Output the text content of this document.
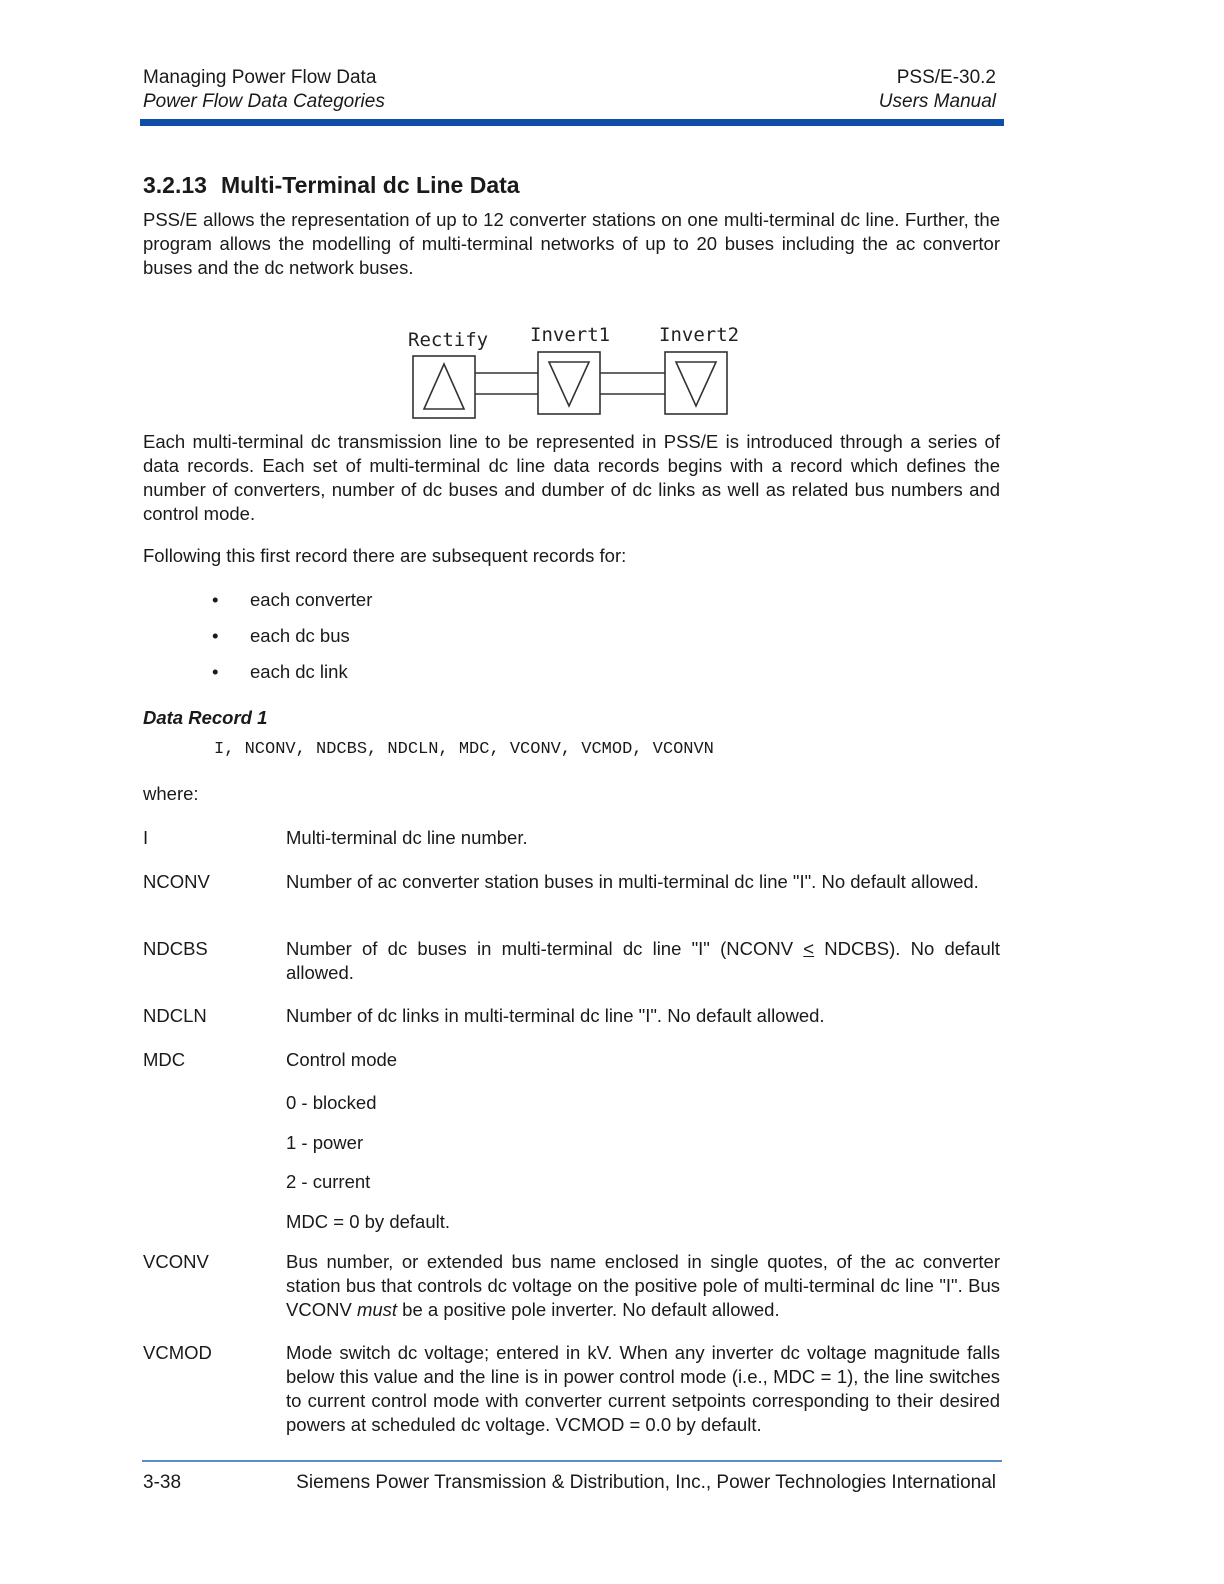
Managing Power Flow Data
Power Flow Data Categories
PSS/E-30.2
Users Manual
3.2.13 Multi-Terminal dc Line Data
PSS/E allows the representation of up to 12 converter stations on one multi-terminal dc line. Further, the program allows the modelling of multi-terminal networks of up to 20 buses including the ac convertor buses and the dc network buses.
Rectify Invert1	Invert2
Each multi-terminal dc transmission line to be represented in PSS/E is introduced through a series of data records. Each set of multi-terminal dc line data records begins with a record which defines the number of converters, number of dc buses and dumber of dc links as well as related bus numbers and control mode.
Following this first record there are subsequent records for:
• each converter
• each dc bus
• each dc link
Data Record 1
I, NCONV, NDCBS, NDCLN, MDC, VCONV, VCMOD, VCONVN
where:
I	Multi-terminal dc line number.
NCONV	Number of ac converter station buses in multi-terminal dc line "I". No default allowed.
NDCBS	Number of dc buses in multi-terminal dc line "I" (NCONV < NDCBS). No default allowed.
NDCLN	Number of dc links in multi-terminal dc line "I". No default allowed.
MDC	Control mode
0 - blocked
1 - power
2 - current
MDC = 0 by default.
VCONV	Bus number, or extended bus name enclosed in single quotes, of the ac converter station bus that controls dc voltage on the positive pole of multi-terminal dc line "I". Bus VCONV must be a positive pole inverter. No default allowed.
VCMOD	Mode switch dc voltage; entered in kV. When any inverter dc voltage magnitude falls below this value and the line is in power control mode (i.e., MDC = 1), the line switches to current control mode with converter current setpoints corresponding to their desired powers at scheduled dc voltage. VCMOD = 0.0 by default.
3-38	Siemens Power Transmission & Distribution, Inc., Power Technologies International
